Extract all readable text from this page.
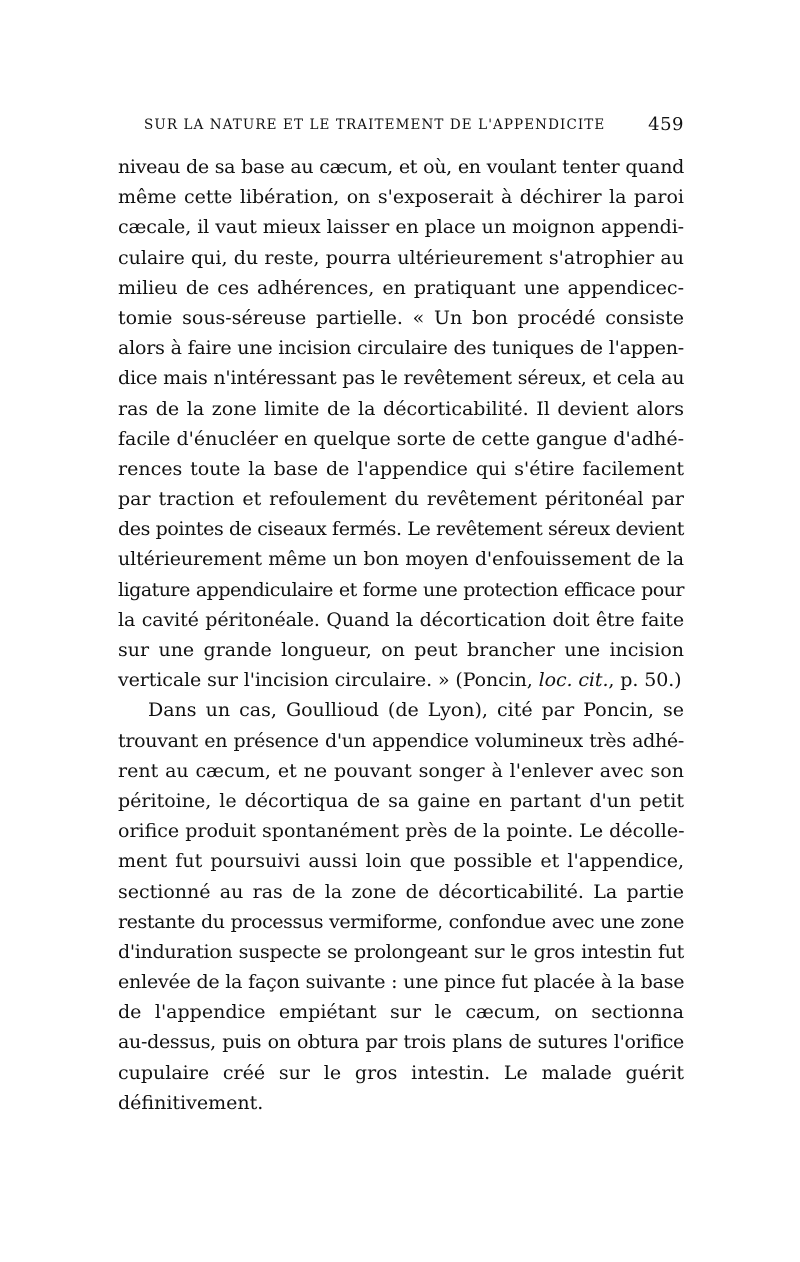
SUR LA NATURE ET LE TRAITEMENT DE L'APPENDICITE 459
niveau de sa base au cæcum, et où, en voulant tenter quand
même cette libération, on s'exposerait à déchirer la paroi
cæcale, il vaut mieux laisser en place un moignon appendi-
culaire qui, du reste, pourra ultérieurement s'atrophier au
milieu de ces adhérences, en pratiquant une appendicec-
tomie sous-séreuse partielle. « Un bon procédé consiste
alors à faire une incision circulaire des tuniques de l'appen-
dice mais n'intéressant pas le revêtement séreux, et cela au
ras de la zone limite de la décorticabilité. Il devient alors
facile d'énucléer en quelque sorte de cette gangue d'adhé-
rences toute la base de l'appendice qui s'étire facilement
par traction et refoulement du revêtement péritonéal par
des pointes de ciseaux fermés. Le revêtement séreux devient
ultérieurement même un bon moyen d'enfouissement de la
ligature appendiculaire et forme une protection efficace pour
la cavité péritonéale. Quand la décortication doit être faite
sur une grande longueur, on peut brancher une incision
verticale sur l'incision circulaire. » (Poncin, loc. cit., p. 50.)
Dans un cas, Goullioud (de Lyon), cité par Poncin, se
trouvant en présence d'un appendice volumineux très adhé-
rent au cæcum, et ne pouvant songer à l'enlever avec son
péritoine, le décortiqua de sa gaine en partant d'un petit
orifice produit spontanément près de la pointe. Le décolle-
ment fut poursuivi aussi loin que possible et l'appendice,
sectionné au ras de la zone de décorticabilité. La partie
restante du processus vermiforme, confondue avec une zone
d'induration suspecte se prolongeant sur le gros intestin fut
enlevée de la façon suivante : une pince fut placée à la base
de l'appendice empiétant sur le cæcum, on sectionna
au-dessus, puis on obtura par trois plans de sutures l'orifice
cupulaire créé sur le gros intestin. Le malade guérit
définitivement.
